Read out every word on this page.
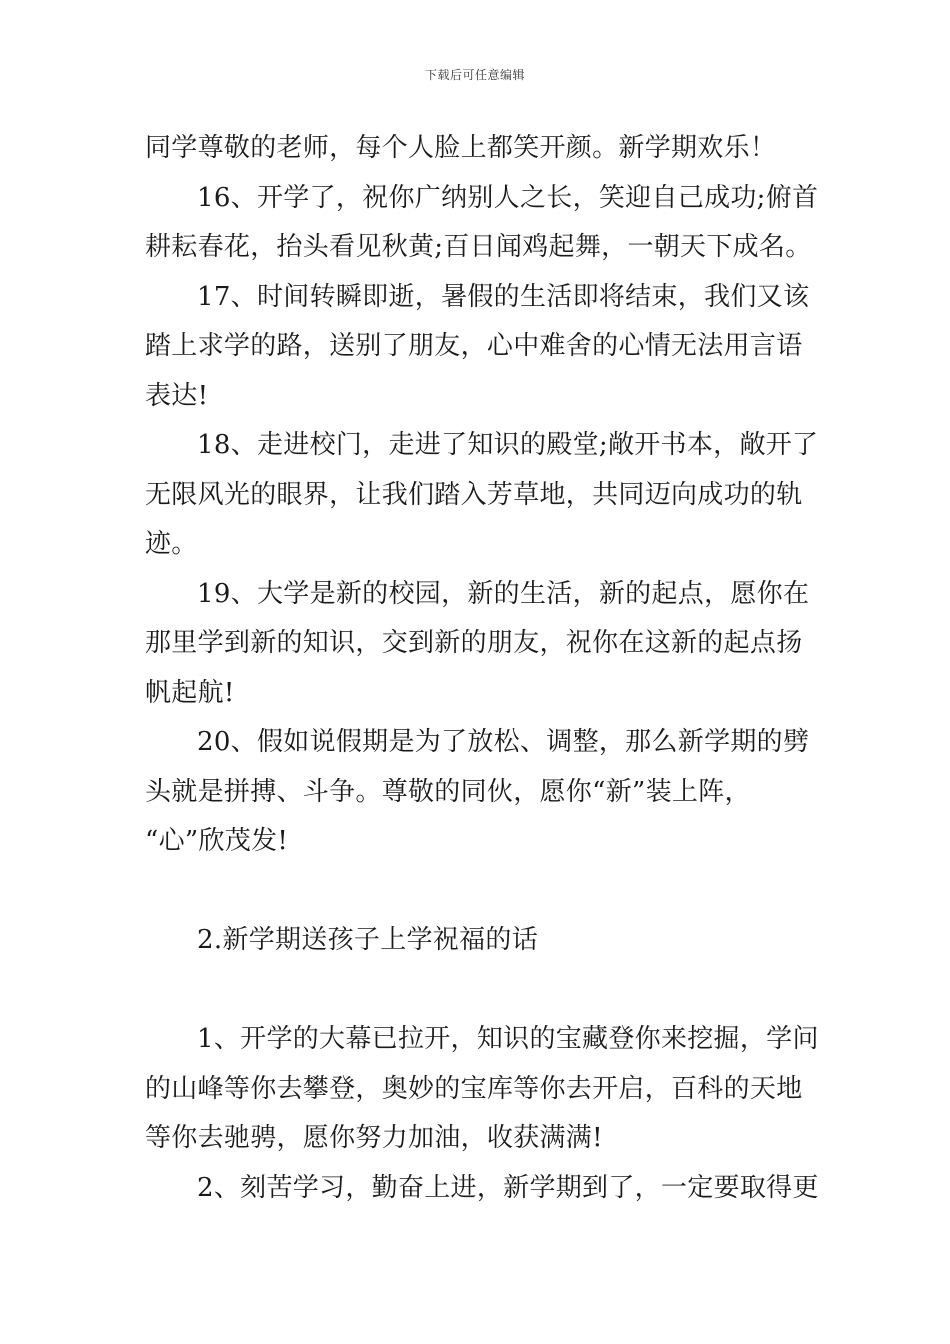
下载后可任意编辑
同学尊敬的老师，每个人脸上都笑开颜。新学期欢乐！
16、开学了，祝你广纳别人之长，笑迎自己成功;俯首
耕耘春花，抬头看见秋黄;百日闻鸡起舞，一朝天下成名。
17、时间转瞬即逝，暑假的生活即将结束，我们又该
踏上求学的路，送别了朋友，心中难舍的心情无法用言语
表达!
18、走进校门，走进了知识的殿堂;敞开书本，敞开了
无限风光的眼界，让我们踏入芳草地，共同迈向成功的轨
迹。
19、大学是新的校园，新的生活，新的起点，愿你在
那里学到新的知识，交到新的朋友，祝你在这新的起点扬
帆起航!
20、假如说假期是为了放松、调整，那么新学期的劈
头就是拼搏、斗争。尊敬的同伙，愿你“新”装上阵，
“心”欣茂发!
2.新学期送孩子上学祝福的话
1、开学的大幕已拉开，知识的宝藏登你来挖掘，学问
的山峰等你去攀登，奥妙的宝库等你去开启，百科的天地
等你去驰骋，愿你努力加油，收获满满!
2、刻苦学习，勤奋上进，新学期到了，一定要取得更
